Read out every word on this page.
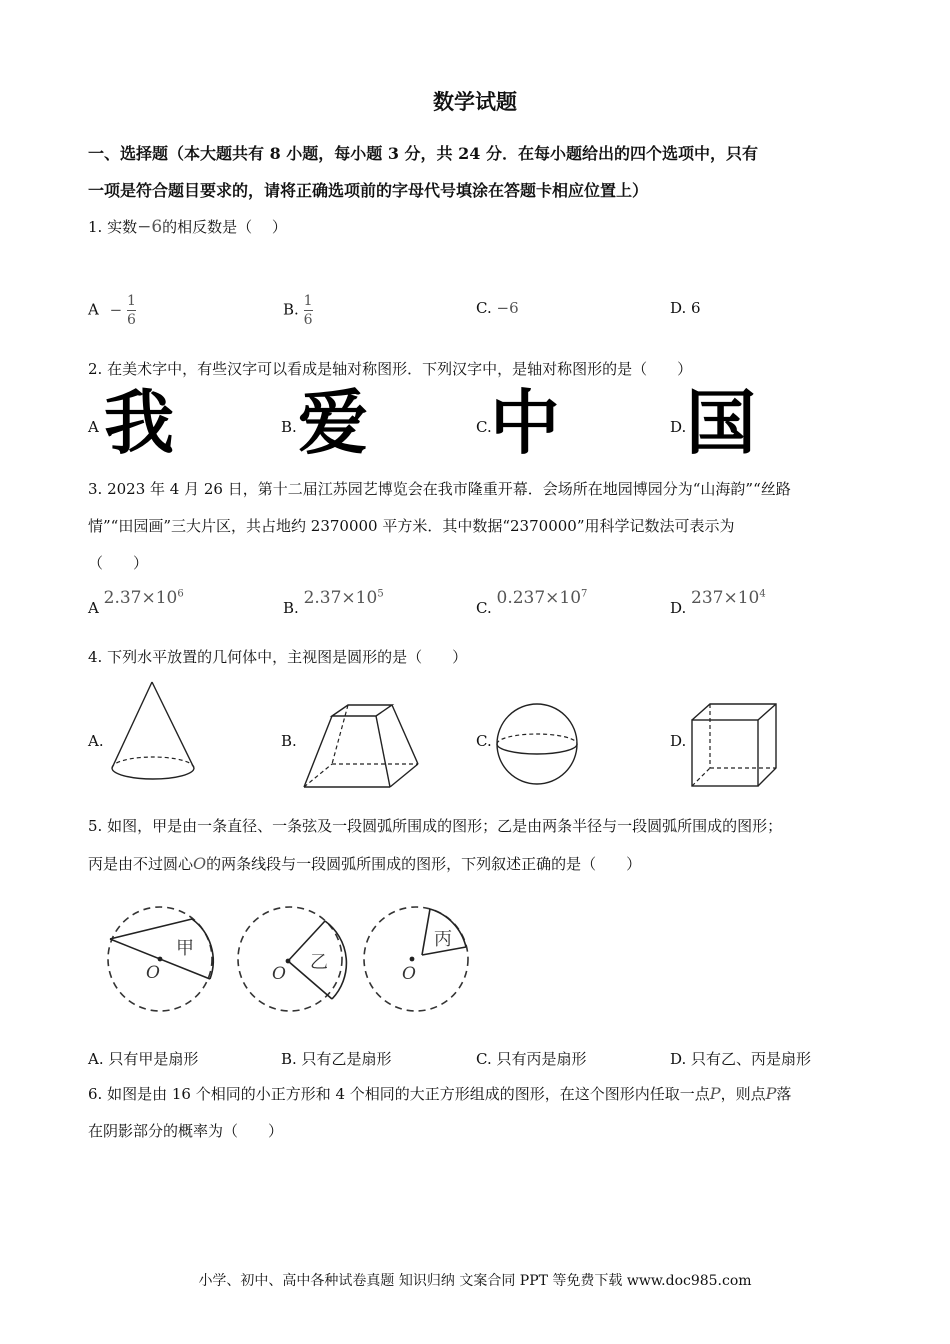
数学试题
一、选择题（本大题共有 8 小题，每小题 3 分，共 24 分．在每小题给出的四个选项中，只有
一项是符合题目要求的，请将正确选项前的字母代号填涂在答题卡相应位置上）
1. 实数−6的相反数是（　 ）
$A - \frac{1}{6}$	B. $\frac{1}{6}$	C. −6	D. 6
2. 在美术字中，有些汉字可以看成是轴对称图形．下列汉字中，是轴对称图形的是（　　）
A 我	B. 爱	C.
中	D. 国
3. 2023 年 4 月 26 日，第十二届江苏园艺博览会在我市隆重开幕．会场所在地园博园分为“山海韵”“丝路
情”“田园画”三大片区，共占地约 2370000 平方米．其中数据“2370000”用科学记数法可表示为
（　　）
A $2.37\times 10^6$
B. $2.37\times 10^5$
C. $0.237\times 10^7$
D. $237\times 10^4$
4. 下列水平放置的几何体中，主视图是圆形的是（　　）
A.	B.	C.	D.
5. 如图，甲是由一条直径、一条弦及一段圆弧所围成的图形；乙是由两条半径与一段圆弧所围成的图形；
丙是由不过圆心O的两条线段与一段圆弧所围成的图形，下列叙述正确的是（　　）
O
甲
O
乙
O
丙
A. 只有甲是扇形	B. 只有乙是扇形	C. 只有丙是扇形	D. 只有乙、丙是扇形
6. 如图是由 16 个相同的小正方形和 4 个相同的大正方形组成的图形，在这个图形内任取一点P，则点P落
在阴影部分的概率为（　　）
小学、初中、高中各种试卷真题 知识归纳 文案合同 PPT 等免费下载 www.doc985.com
